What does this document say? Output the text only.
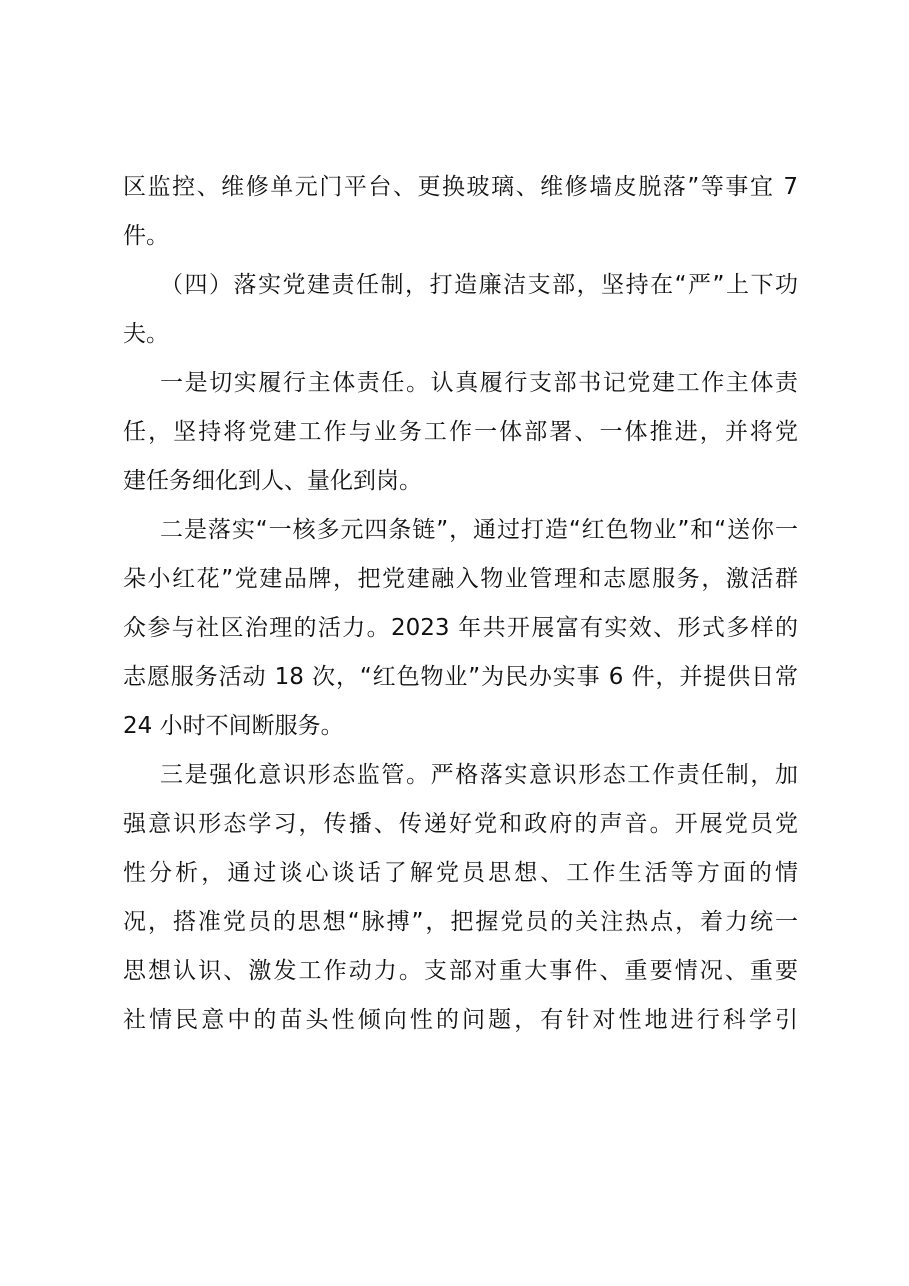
区监控、维修单元门平台、更换玻璃、维修墙皮脱落”等事宜 7
件。
（四）落实党建责任制，打造廉洁支部，坚持在“严”上下功
夫。
一是切实履行主体责任。认真履行支部书记党建工作主体责
任，坚持将党建工作与业务工作一体部署、一体推进，并将党
建任务细化到人、量化到岗。
二是落实“一核多元四条链”，通过打造“红色物业”和“送你一
朵小红花”党建品牌，把党建融入物业管理和志愿服务，激活群
众参与社区治理的活力。2023 年共开展富有实效、形式多样的
志愿服务活动 18 次，“红色物业”为民办实事 6 件，并提供日常
24 小时不间断服务。
三是强化意识形态监管。严格落实意识形态工作责任制，加
强意识形态学习，传播、传递好党和政府的声音。开展党员党
性分析，通过谈心谈话了解党员思想、工作生活等方面的情
况，搭准党员的思想“脉搏”，把握党员的关注热点，着力统一
思想认识、激发工作动力。支部对重大事件、重要情况、重要
社情民意中的苗头性倾向性的问题，有针对性地进行科学引
